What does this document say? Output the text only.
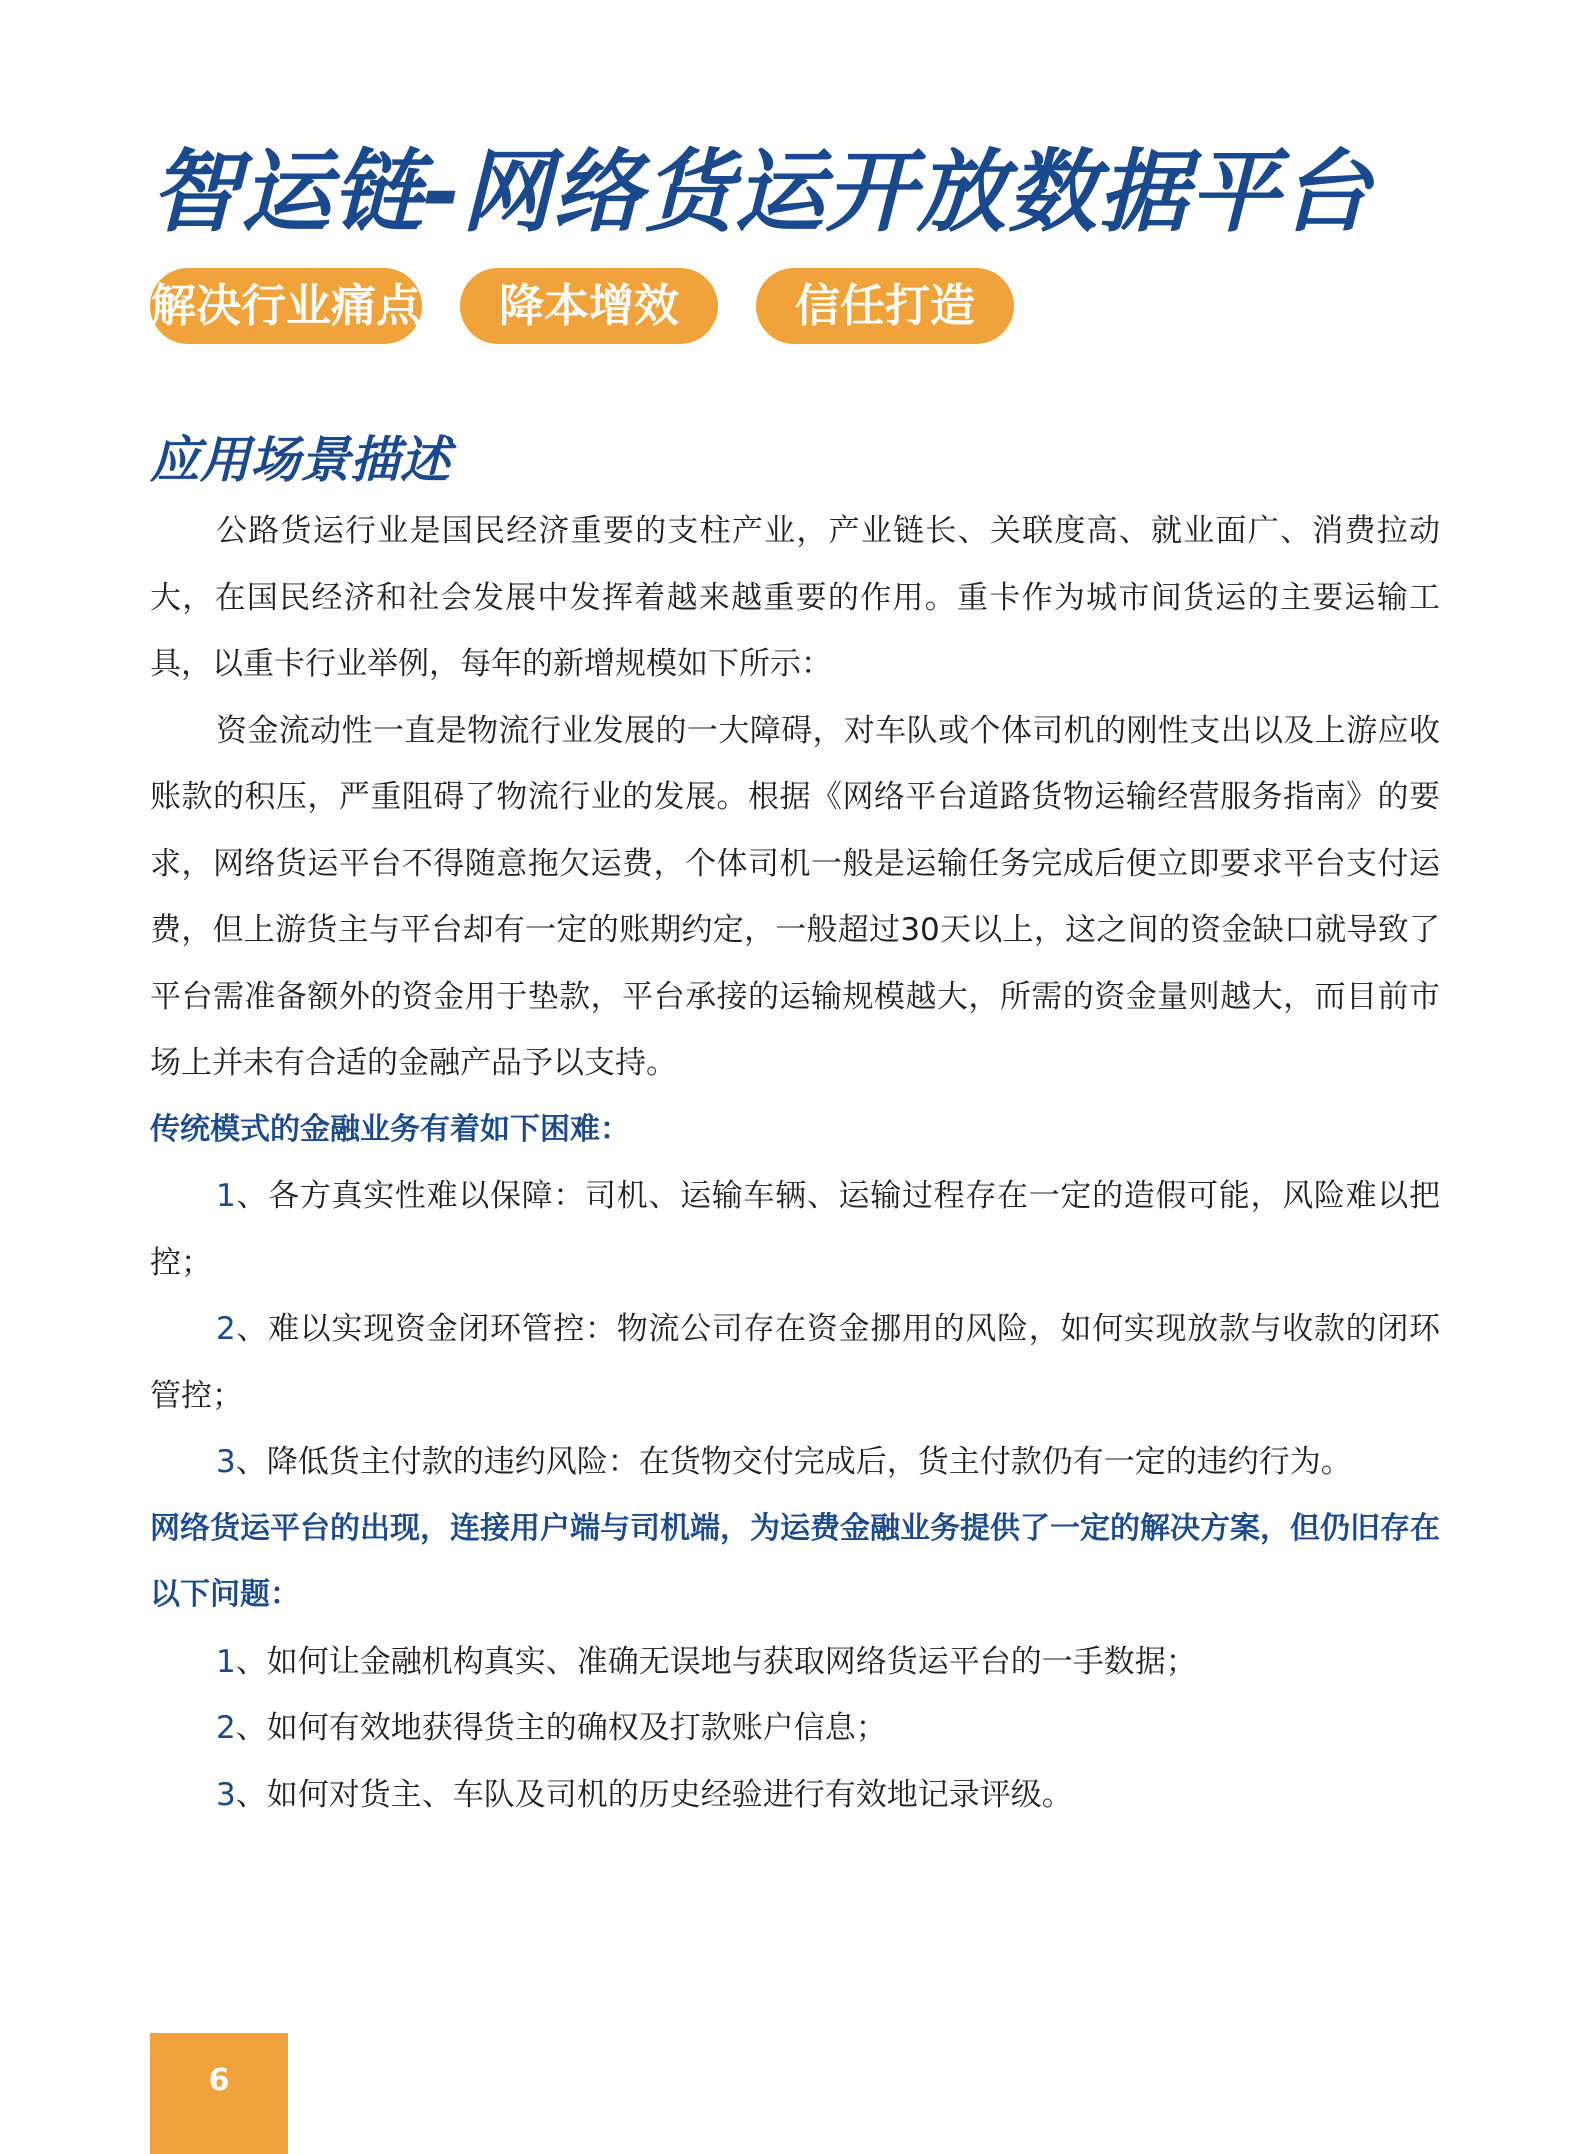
智运链-网络货运开放数据平台
解决行业痛点	降本增效	信任打造
应用场景描述

公路货运行业是国民经济重要的支柱产业，产业链长、关联度高、就业面广、消费拉动大，在国民经济和社会发展中发挥着越来越重要的作用。重卡作为城市间货运的主要运输工具，以重卡行业举例，每年的新增规模如下所示：

资金流动性一直是物流行业发展的一大障碍，对车队或个体司机的刚性支出以及上游应收账款的积压，严重阻碍了物流行业的发展。根据《网络平台道路货物运输经营服务指南》的要求，网络货运平台不得随意拖欠运费，个体司机一般是运输任务完成后便立即要求平台支付运费，但上游货主与平台却有一定的账期约定，一般超过30天以上，这之间的资金缺口就导致了平台需准备额外的资金用于垫款，平台承接的运输规模越大，所需的资金量则越大，而目前市场上并未有合适的金融产品予以支持。

传统模式的金融业务有着如下困难：

1、各方真实性难以保障：司机、运输车辆、运输过程存在一定的造假可能，风险难以把控；

2、难以实现资金闭环管控：物流公司存在资金挪用的风险，如何实现放款与收款的闭环管控；

3、降低货主付款的违约风险：在货物交付完成后，货主付款仍有一定的违约行为。

网络货运平台的出现，连接用户端与司机端，为运费金融业务提供了一定的解决方案，但仍旧存在以下问题：

1、如何让金融机构真实、准确无误地与获取网络货运平台的一手数据；

2、如何有效地获得货主的确权及打款账户信息；

3、如何对货主、车队及司机的历史经验进行有效地记录评级。

6
